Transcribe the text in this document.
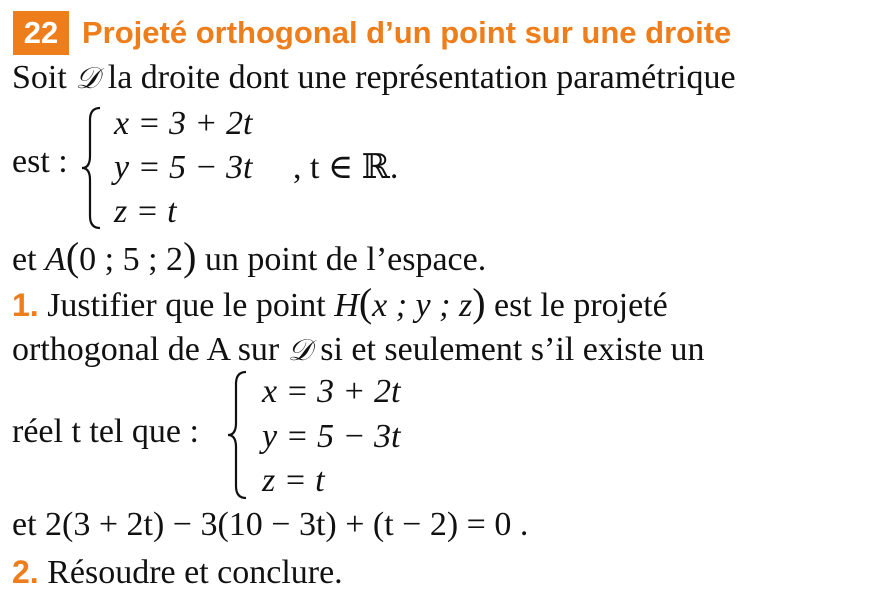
22 Projeté orthogonal d’un point sur une droite
Soit 𝒟 la droite dont une représentation paramétrique
est :
x = 3 + 2t
y = 5 − 3t
z = t
, t ∈ ℝ.
et A(0 ; 5 ; 2) un point de l’espace.
1. Justifier que le point H(x ; y ; z) est le projeté
orthogonal de A sur 𝒟 si et seulement s’il existe un
réel t tel que :
x = 3 + 2t
y = 5 − 3t
z = t
et 2(3 + 2t) − 3(10 − 3t) + (t − 2) = 0 .
2. Résoudre et conclure.
